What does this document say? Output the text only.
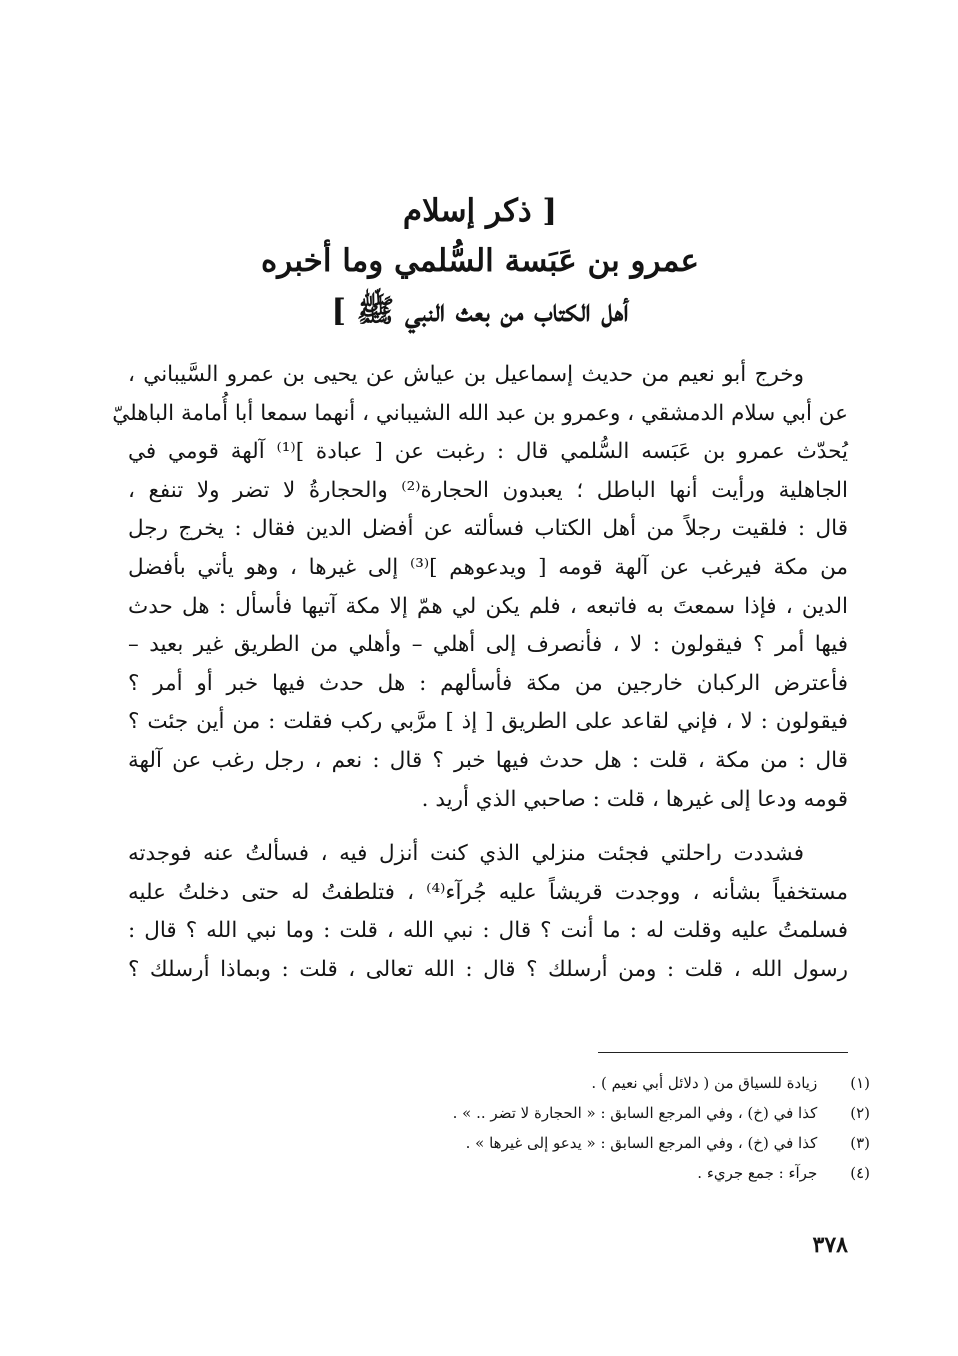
[ ذكر إسلام
عمرو بن عَبَسة السُّلمي وما أخبره
أهل الكتاب من بعث النبي ﷺ ]
وخرج أبو نعيم من حديث إسماعيل بن عياش عن يحيى بن عمرو السَّيباني ،
عن أبي سلام الدمشقي ، وعمرو بن عبد الله الشيباني ، أنهما سمعا أبا أُمامة الباهليّ
يُحدّث عمرو بن عَبَسه السُّلمي قال : رغبت عن [ عبادة ]⁽¹⁾ آلهة قومي في
الجاهلية ورأيت أنها الباطل ؛ يعبدون الحجارة⁽²⁾ والحجارةُ لا تضر ولا تنفع ،
قال : فلقيت رجلاً من أهل الكتاب فسألته عن أفضل الدين فقال : يخرج رجل
من مكة فيرغب عن آلهة قومه [ ويدعوهم ]⁽³⁾ إلى غيرها ، وهو يأتي بأفضل
الدين ، فإذا سمعتَ به فاتبعه ، فلم يكن لي همّ إلا مكة آتيها فأسأل : هل حدث
فيها أمر ؟ فيقولون : لا ، فأنصرف إلى أهلي – وأهلي من الطريق غير بعيد –
فأعترض الركبان خارجين من مكة فأسألهم : هل حدث فيها خبر أو أمر ؟
فيقولون : لا ، فإني لقاعد على الطريق [ إذ ] مرَّبي ركب فقلت : من أين جئت ؟
قال : من مكة ، قلت : هل حدث فيها خبر ؟ قال : نعم ، رجل رغب عن آلهة
قومه ودعا إلى غيرها ، قلت : صاحبي الذي أريد .
فشددت راحلتي فجئت منزلي الذي كنت أنزل فيه ، فسألتُ عنه فوجدته
مستخفياً بشأنه ، ووجدت قريشاً عليه جُرآء⁽⁴⁾ ، فتلطفتُ له حتى دخلتُ عليه
فسلمتُ عليه وقلت له : ما أنت ؟ قال : نبي الله ، قلت : وما نبي الله ؟ قال :
رسول الله ، قلت : ومن أرسلك ؟ قال : الله تعالى ، قلت : وبماذا أرسلك ؟
(١) زيادة للسياق من ( دلائل أبي نعيم ) .
(٢) كذا في (خ) ، وفي المرجع السابق : « الحجارة لا تضر .. » .
(٣) كذا في (خ) ، وفي المرجع السابق : « يدعو إلى غيرها » .
(٤) جرآء : جمع جريء .
٣٧٨
